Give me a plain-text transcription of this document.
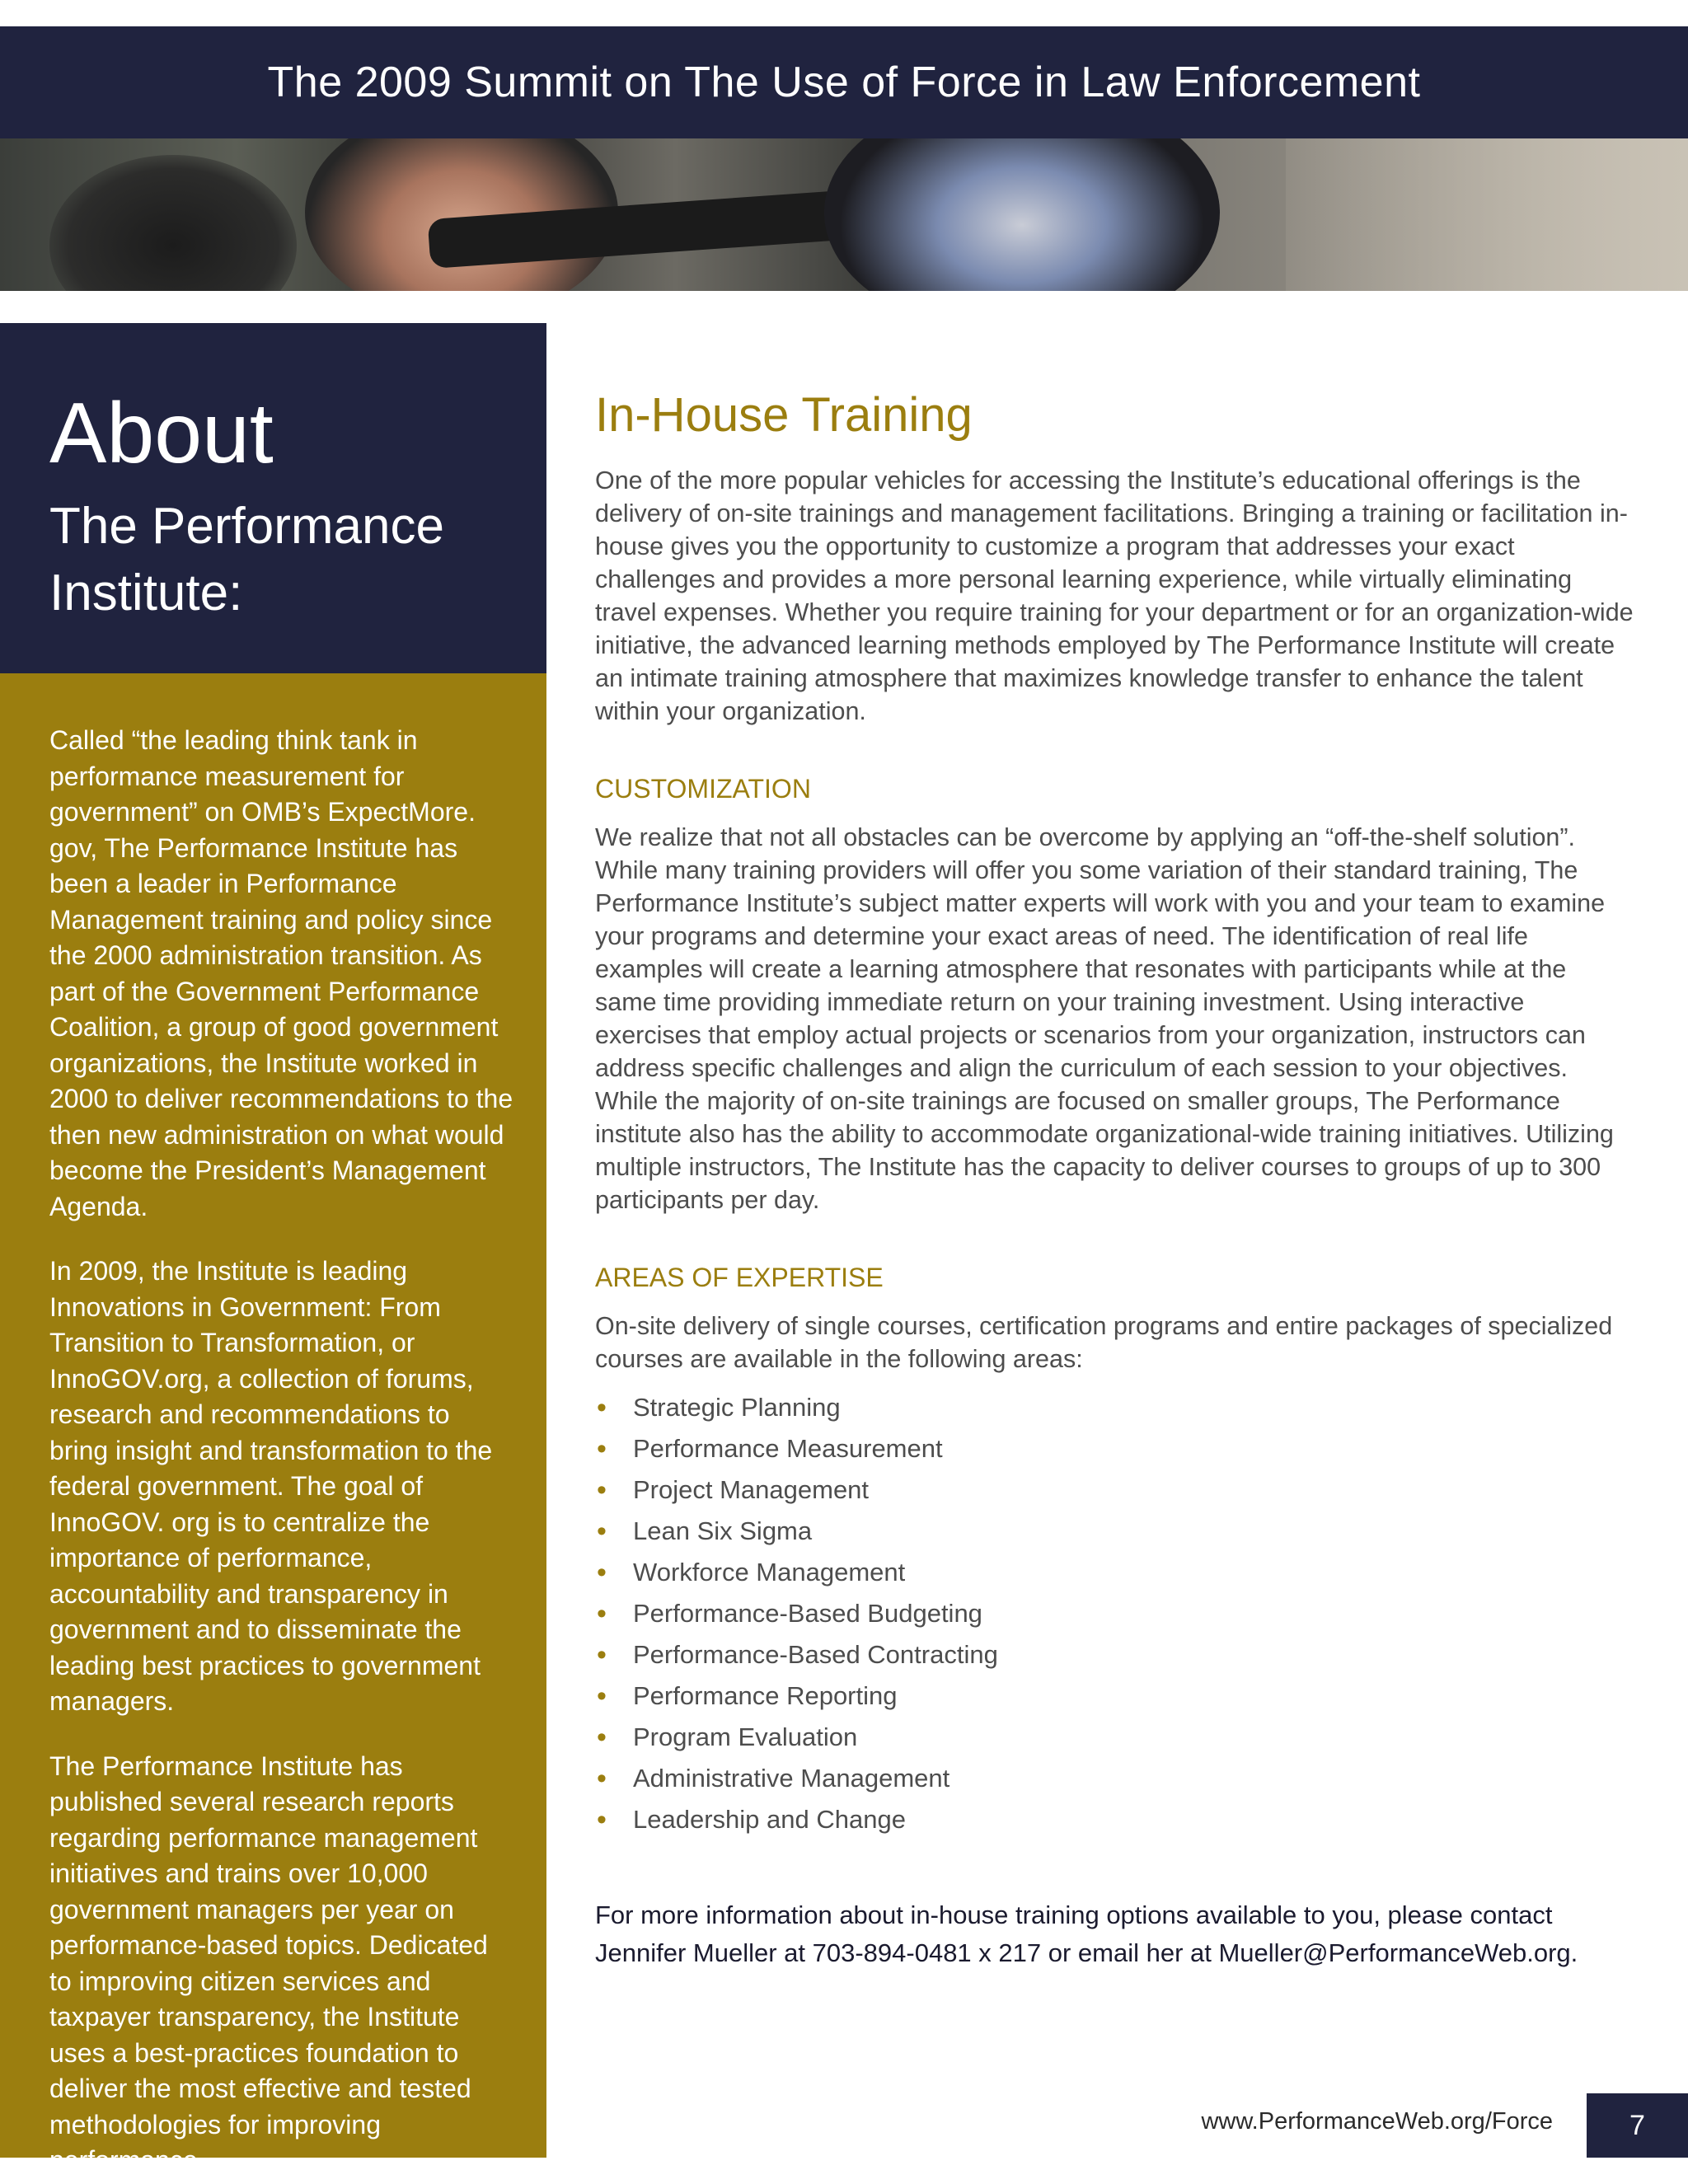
The 2009 Summit on The Use of Force in Law Enforcement
About
The Performance
Institute:

Called “the leading think tank in performance measurement for government” on OMB’s ExpectMore. gov, The Performance Institute has been a leader in Performance Management training and policy since the 2000 administration transition. As part of the Government Performance Coalition, a group of good government organizations, the Institute worked in 2000 to deliver recommendations to the then new administration on what would become the President’s Management Agenda.

In 2009, the Institute is leading Innovations in Government: From Transition to Transformation, or InnoGOV.org, a collection of forums, research and recommendations to bring insight and transformation to the federal government. The goal of InnoGOV. org is to centralize the importance of performance, accountability and transparency in government and to disseminate the leading best practices to government managers.

The Performance Institute has published several research reports regarding performance management initiatives and trains over 10,000 government managers per year on performance-based topics. Dedicated to improving citizen services and taxpayer transparency, the Institute uses a best-practices foundation to deliver the most effective and tested methodologies for improving performance.

In-House Training

One of the more popular vehicles for accessing the Institute’s educational offerings is the delivery of on-site trainings and management facilitations. Bringing a training or facilitation in-house gives you the opportunity to customize a program that addresses your exact challenges and provides a more personal learning experience, while virtually eliminating travel expenses. Whether you require training for your department or for an organization-wide initiative, the advanced learning methods employed by The Performance Institute will create an intimate training atmosphere that maximizes knowledge transfer to enhance the talent within your organization.

CUSTOMIZATION

We realize that not all obstacles can be overcome by applying an “off-the-shelf solution”. While many training providers will offer you some variation of their standard training, The Performance Institute’s subject matter experts will work with you and your team to examine your programs and determine your exact areas of need. The identification of real life examples will create a learning atmosphere that resonates with participants while at the same time providing immediate return on your training investment. Using interactive exercises that employ actual projects or scenarios from your organization, instructors can address specific challenges and align the curriculum of each session to your objectives. While the majority of on-site trainings are focused on smaller groups, The Performance institute also has the ability to accommodate organizational-wide training initiatives. Utilizing multiple instructors, The Institute has the capacity to deliver courses to groups of up to 300 participants per day.

AREAS OF EXPERTISE

On-site delivery of single courses, certification programs and entire packages of specialized courses are available in the following areas:

• Strategic Planning
• Performance Measurement
• Project Management
• Lean Six Sigma
• Workforce Management
• Performance-Based Budgeting
• Performance-Based Contracting
• Performance Reporting
• Program Evaluation
• Administrative Management
• Leadership and Change
For more information about in-house training options available to you, please contact
Jennifer Mueller at 703-894-0481 x 217 or email her at Mueller@PerformanceWeb.org.
www.PerformanceWeb.org/Force	7
